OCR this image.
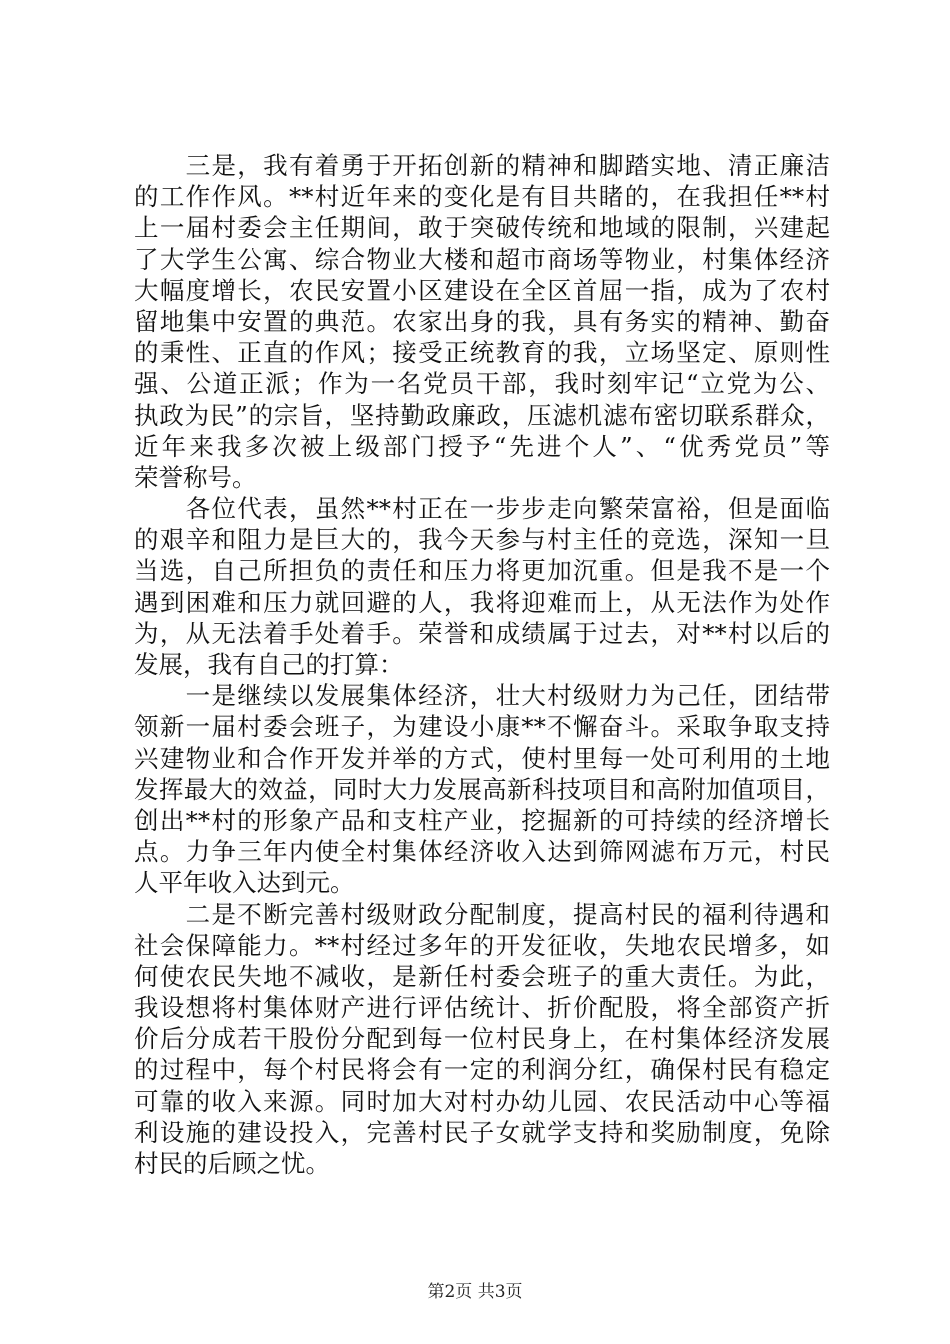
　　三是，我有着勇于开拓创新的精神和脚踏实地、清正廉洁
的工作作风。**村近年来的变化是有目共睹的，在我担任**村
上一届村委会主任期间，敢于突破传统和地域的限制，兴建起
了大学生公寓、综合物业大楼和超市商场等物业，村集体经济
大幅度增长，农民安置小区建设在全区首屈一指，成为了农村
留地集中安置的典范。农家出身的我，具有务实的精神、勤奋
的秉性、正直的作风；接受正统教育的我，立场坚定、原则性
强、公道正派；作为一名党员干部，我时刻牢记“立党为公、
执政为民”的宗旨，坚持勤政廉政，压滤机滤布密切联系群众，
近年来我多次被上级部门授予“先进个人”、“优秀党员”等
荣誉称号。
　　各位代表，虽然**村正在一步步走向繁荣富裕，但是面临
的艰辛和阻力是巨大的，我今天参与村主任的竞选，深知一旦
当选，自己所担负的责任和压力将更加沉重。但是我不是一个
遇到困难和压力就回避的人，我将迎难而上，从无法作为处作
为，从无法着手处着手。荣誉和成绩属于过去，对**村以后的
发展，我有自己的打算：
　　一是继续以发展集体经济，壮大村级财力为己任，团结带
领新一届村委会班子，为建设小康**不懈奋斗。采取争取支持
兴建物业和合作开发并举的方式，使村里每一处可利用的土地
发挥最大的效益，同时大力发展高新科技项目和高附加值项目，
创出**村的形象产品和支柱产业，挖掘新的可持续的经济增长
点。力争三年内使全村集体经济收入达到筛网滤布万元，村民
人平年收入达到元。
　　二是不断完善村级财政分配制度，提高村民的福利待遇和
社会保障能力。**村经过多年的开发征收，失地农民增多，如
何使农民失地不减收，是新任村委会班子的重大责任。为此，
我设想将村集体财产进行评估统计、折价配股，将全部资产折
价后分成若干股份分配到每一位村民身上，在村集体经济发展
的过程中，每个村民将会有一定的利润分红，确保村民有稳定
可靠的收入来源。同时加大对村办幼儿园、农民活动中心等福
利设施的建设投入，完善村民子女就学支持和奖励制度，免除
村民的后顾之忧。
第2页 共3页
